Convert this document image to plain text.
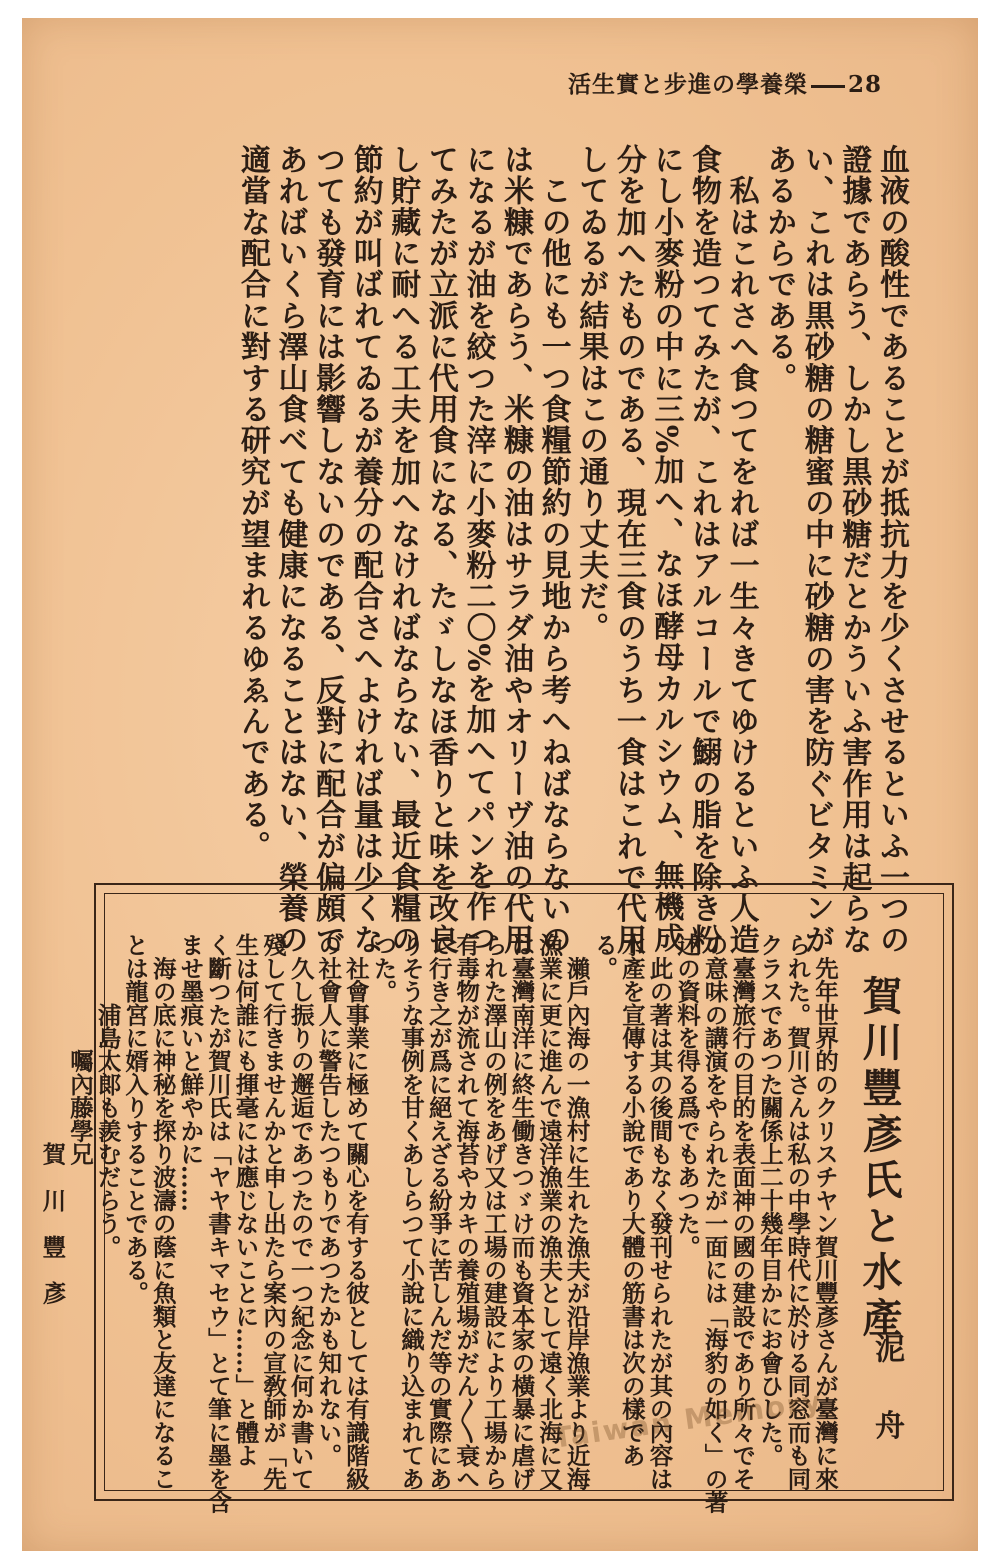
活生實と步進の學養榮 28
血液の酸性であることが抵抗力を少くさせるといふ一つの
證據であらう、しかし黒砂糖だとかういふ害作用は起らな
い、これは黒砂糖の糖蜜の中に砂糖の害を防ぐビタミンが
あるからである。
　私はこれさへ食つてをれば一生々きてゆけるといふ人造
食物を造つてみたが、これはアルコールで鰯の脂を除き粉
にし小麥粉の中に三%加へ、なほ酵母カルシウム、無機成
分を加へたものである、現在三食のうち一食はこれで代用
してゐるが結果はこの通り丈夫だ。
　この他にも一つ食糧節約の見地から考へねばならないの
は米糠であらう、米糠の油はサラダ油やオリーヴ油の代用
になるが油を絞つた滓に小麥粉二〇%を加へてパンを作つ
てみたが立派に代用食になる、たゞしなほ香りと味を改良
し貯藏に耐へる工夫を加へなければならない、最近食糧の
節約が叫ばれてゐるが養分の配合さへよければ量は少くな
つても發育には影響しないのである、反對に配合が偏頗で
あればいくら澤山食べても健康になることはない、榮養の
適當な配合に對する研究が望まれるゆゑんである。
賀川豐彥氏と水產
泥 舟
　先年世界的のクリスチヤン賀川豐彥さんが臺灣に來
られた。賀川さんは私の中學時代に於ける同窓而も同
クラスであつた關係上二十幾年目かにお會ひした。
　臺灣旅行の目的を表面神の國の建設であり所々でそ
の意味の講演をやられたが一面には「海豹の如く」の著
述の資料を得る爲でもあつた。
　此の著は其の後間もなく發刊せられたが其の內容は
水產を宣傳する小說であり大體の筋書は次の樣であ
る。
　瀨戶內海の一漁村に生れた漁夫が沿岸漁業より近海
漁業に更に進んで遠洋漁業の漁夫として遠く北海に又
は臺灣南洋に終生働きつゞけ而も資本家の橫暴に虐げ
られた澤山の例をあげ又は工場の建設により工場から
有毒物が流されて海苔やカキの養殖場がだん〳〵衰へ
て行き之が爲に絕えざる紛爭に苦しんだ等の實際にあ
りそうな事例を甘くあしらつて小說に織り込まれてあ
つた。
　社會事業に極めて關心を有する彼としては有識階級
の社會人に警告したつもりであつたかも知れない。
　久し振りの邂逅であつたので一つ紀念に何か書いて
殘して行きませんかと申し出たら案內の宣敎師が「先
生は何誰にも揮毫には應じないことに……」と體よ
く斷つたが賀川氏は「ヤヤ書キマセウ」とて筆に墨を含
ませ墨痕いと鮮やかに……
　海の底に神秘を探り波濤の蔭に魚類と友達になるこ
とは龍宮に婿入りすることである。
　　　浦島太郞も羨むだらう。
　　　　　囑內藤學兄
　　　　　　　　　賀　川　豐　彥
Taiwan Memory
